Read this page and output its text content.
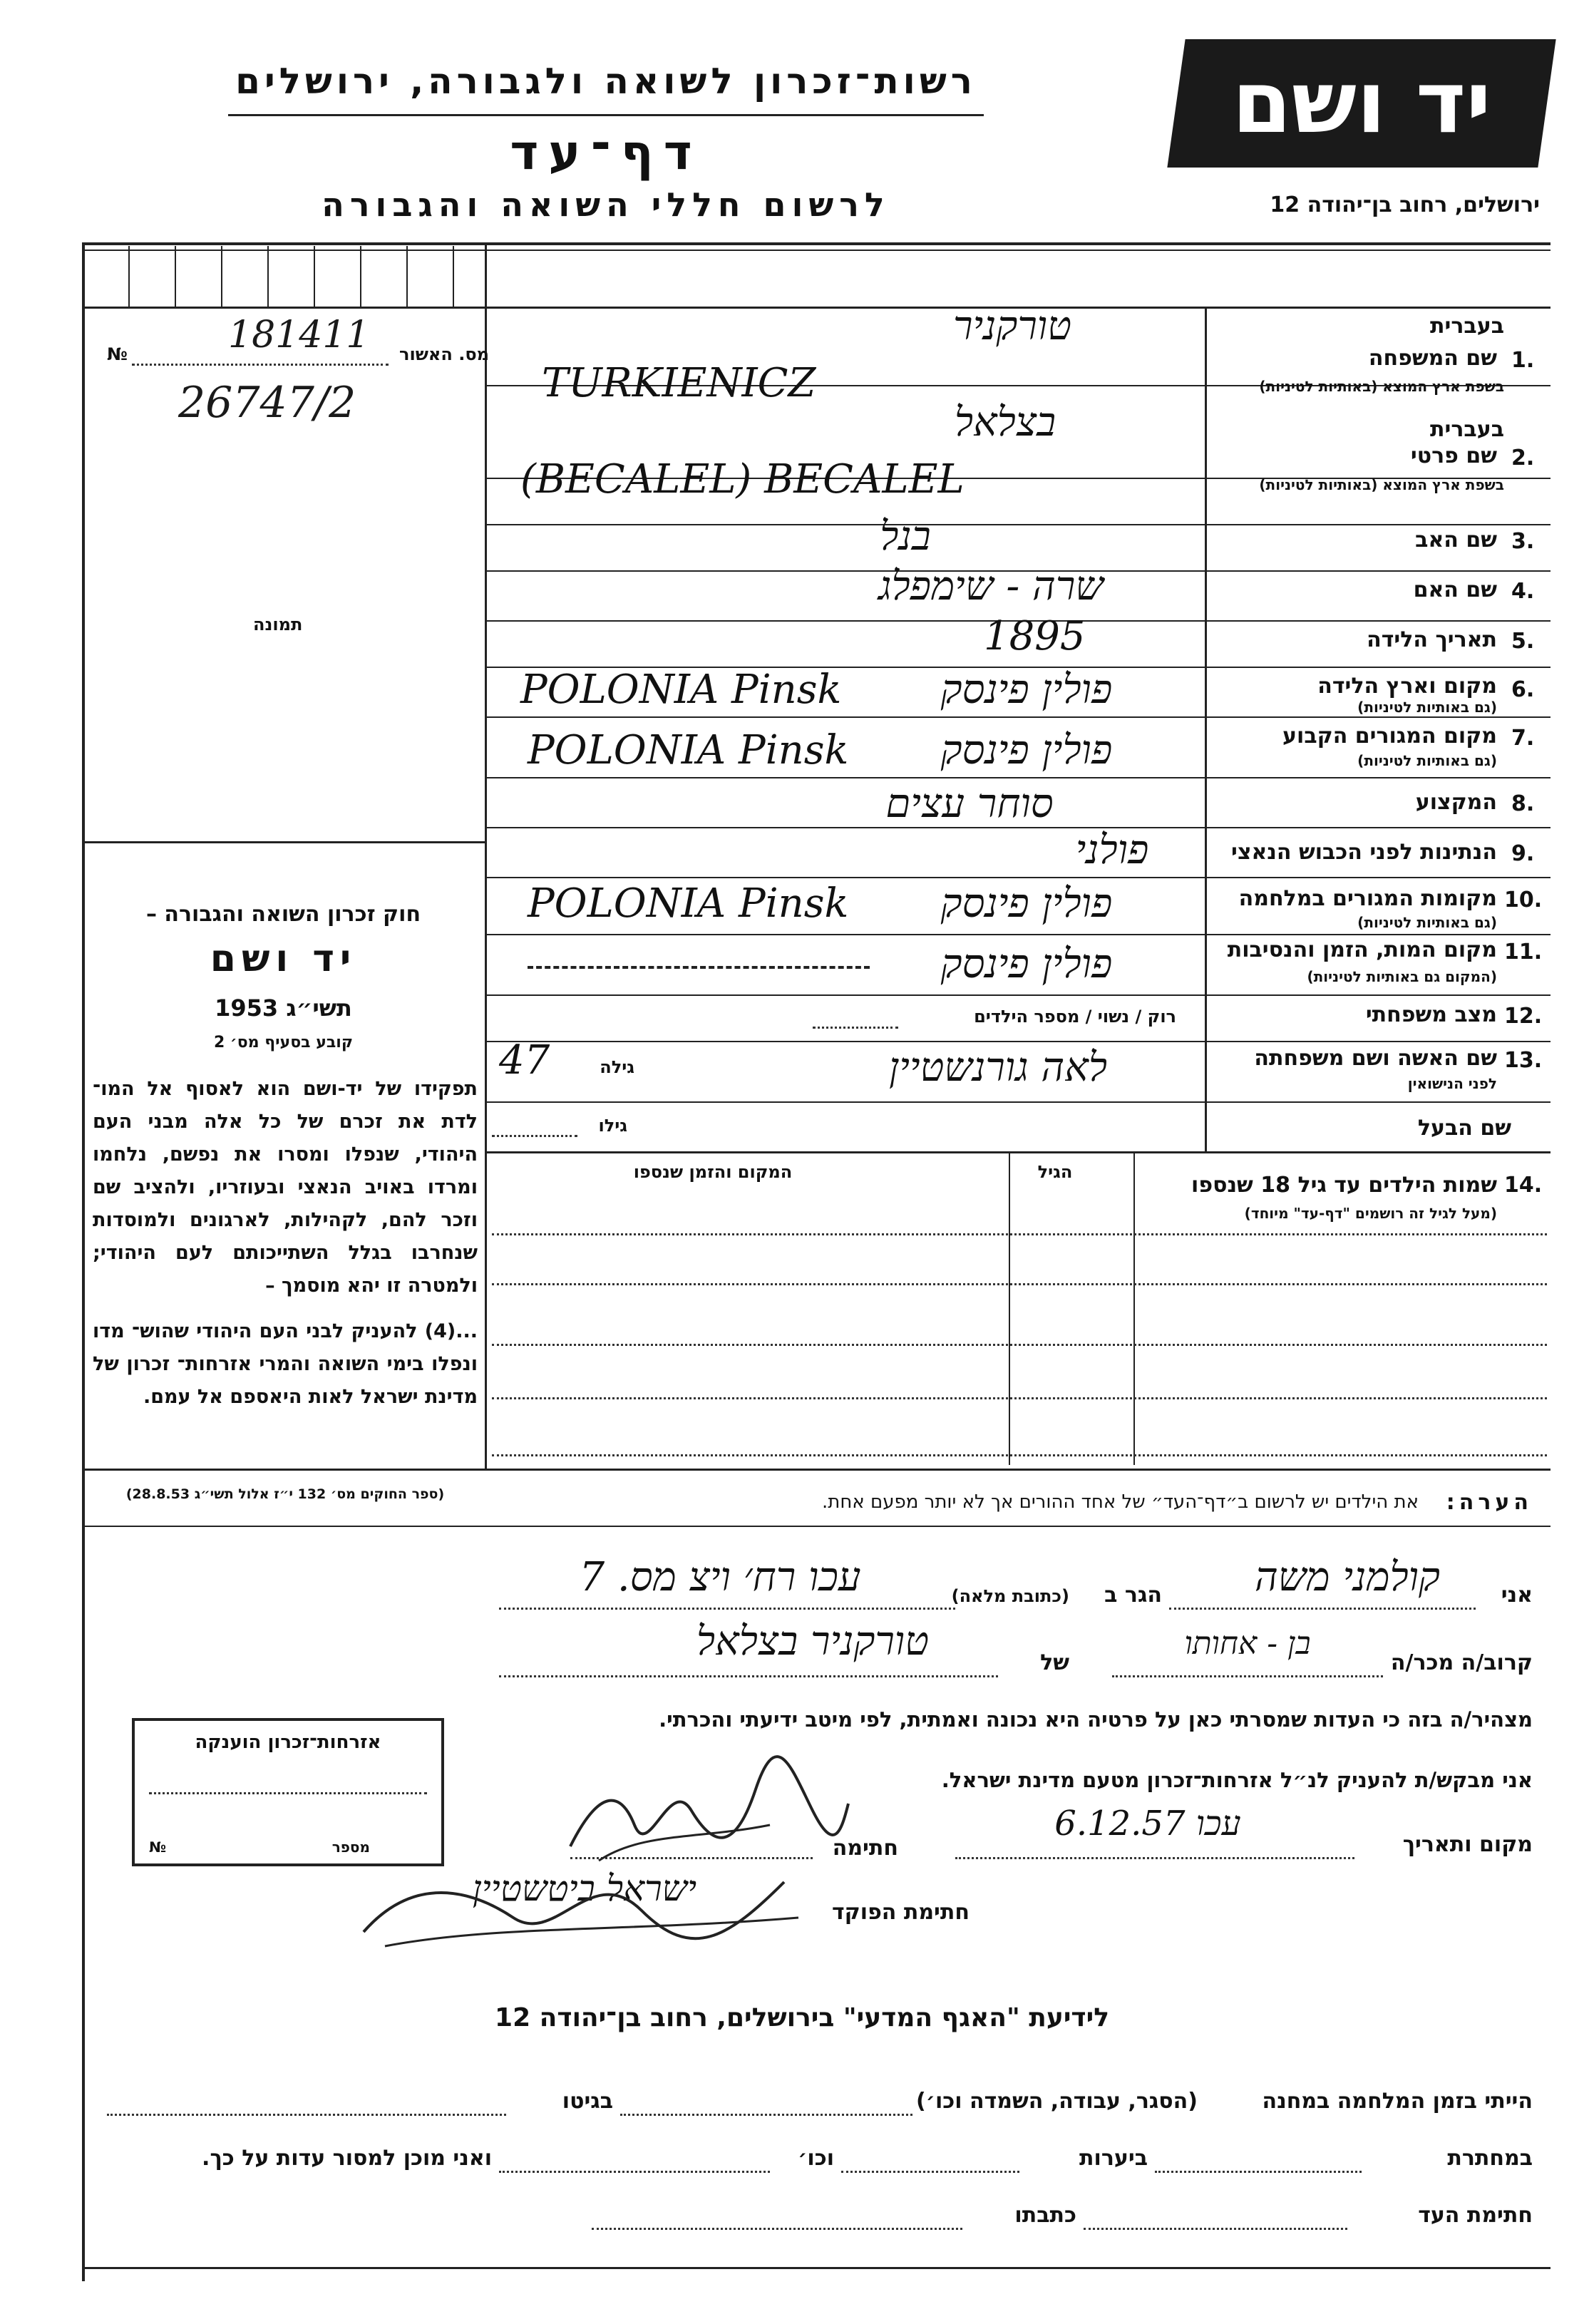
יד ושם
רשות־זכרון לשואה ולגבורה, ירושלים
דף־עד
לרשום חללי השואה והגבורה	ירושלים, רחוב בן־יהודה 12
181411 מס. האשור
№
26747/2
תמונה
חוק זכרון השואה והגבורה –
יד ושם
תשי״ג 1953
קובע בסעיף מס׳ 2
תפקידו של יד-ושם הוא לאסוף אל המו־ לדת את זכרם של כל אלה מבני העם היהודי, שנפלו ומסרו את נפשם, נלחמו ומרדו באויב הנאצי ובעוזריו, ולהציב שם וזכר להם, לקהילות, לארגונים ולמוסדות שנחרבו בגלל השתייכותם לעם היהודי; ולמטרה זו יהא מוסמך –
...(4) להעניק לבני העם היהודי שהוש־ מדו ונפלו בימי השואה והמרי אזרחות־ זכרון של מדינת ישראל לאות היאספם אל עמם.
(ספר החוקים מס׳ 132 י״ז אלול תשי״ג 28.8.53)
1.
שם המשפחה
בשפת ארץ המוצא (באותיות לטיניות)
בעברית
טורקניר
TURKIENICZ
2.
שם פרטי
בשפת ארץ המוצא (באותיות לטיניות)
בעברית
בצלאל
(BECALEL) BECALEL
3.
שם האב
בנל
4.
שם האם
שרה - שימפלג
5.
תאריך הלידה
1895
6.
מקום וארץ הלידה
(גם באותיות לטיניות)
פולין פינסק
POLONIA Pinsk
7.
מקום המגורים הקבוע
(גם באותיות לטיניות)
פולין פינסק
POLONIA Pinsk
8.
המקצוע
סוחר עצים
9.
הנתינות לפני הכבוש הנאצי
פולני
10.
מקומות המגורים במלחמה
(גם באותיות לטיניות)
פולין פינסק
POLONIA Pinsk
11.
מקום המות, הזמן והנסיבות
(המקום גם באותיות לטיניות)
פולין פינסק
12.
מצב משפחתי
רוק / נשוי / מספר הילדים
13.
שם האשה ושם משפחתה
לפני הנישואין
לאה גורנשטיין
גילה
47
שם הבעל
גילו
14.
שמות הילדים עד גיל 18 שנספו
(מעל לגיל זה רושמים "דף-עד" מיוחד)
הגיל
המקום והזמן שנספו
הערה:
את הילדים יש לרשום ב״דף־העד״ של אחד ההורים אך לא יותר מפעם אחת.
אני
קולמני משה
הגר ב
(כתובת מלאה)
עכו רח׳ ויצ מס. 7
קרוב/ה מכר/ה
בן - אחותו
של
טורקניר בצלאל
מצהיר/ה בזה כי העדות שמסרתי כאן על פרטיה היא נכונה ואמתית, לפי מיטב ידיעתי והכרתי.
אני מבקש/ת להעניק לנ״ל אזרחות־זכרון מטעם מדינת ישראל.
מקום ותאריך
עכו 6.12.57
חתימה
חתימת הפוקד
ישראל ביטשטיין
אזרחות־זכרון הוענקה
מספר
№
לידיעת "האגף המדעי" בירושלים, רחוב בן־יהודה 12
הייתי בזמן המלחמה במחנה
(הסגר, עבודה, השמדה וכו׳)
בגיטו
במחתרת
ביערות
וכו׳
ואני מוכן למסור עדות על כך.
חתימת העד
כתבתו
